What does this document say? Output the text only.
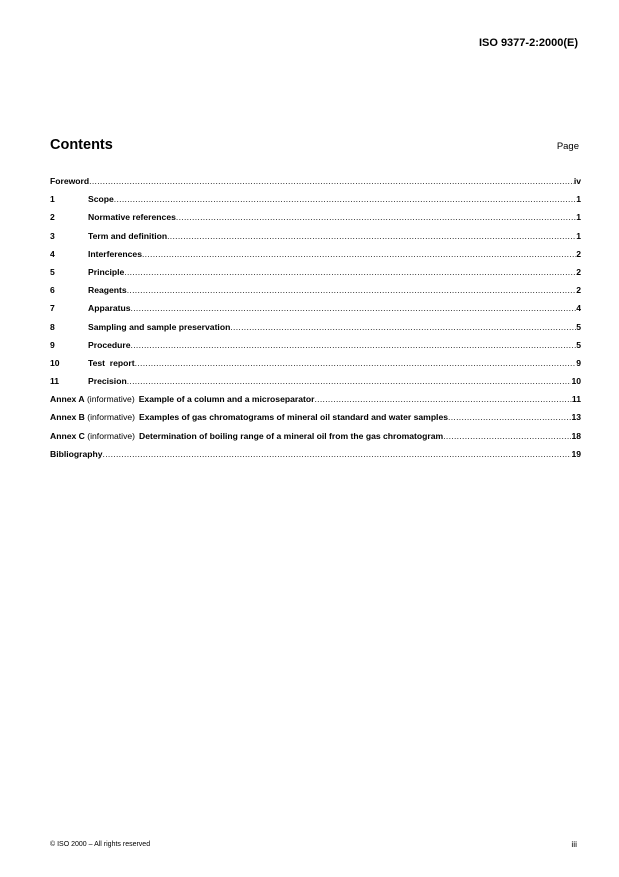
ISO 9377-2:2000(E)
Contents	Page
Foreword .....	iv
1	Scope .....	1
2	Normative references .....	1
3	Term and definition .....	1
4	Interferences .....	2
5	Principle .....	2
6	Reagents .....	2
7	Apparatus .....	4
8	Sampling and sample preservation .....	5
9	Procedure .....	5
10	Test  report .....	9
11	Precision .....	10
Annex A (informative) Example of a column and a microseparator .....	11
Annex B (informative) Examples of gas chromatograms of mineral oil standard and water samples .....	13
Annex C (informative) Determination of boiling range of a mineral oil from the gas chromatogram .....	18
Bibliography .....	19
© ISO 2000 – All rights reserved	iii
